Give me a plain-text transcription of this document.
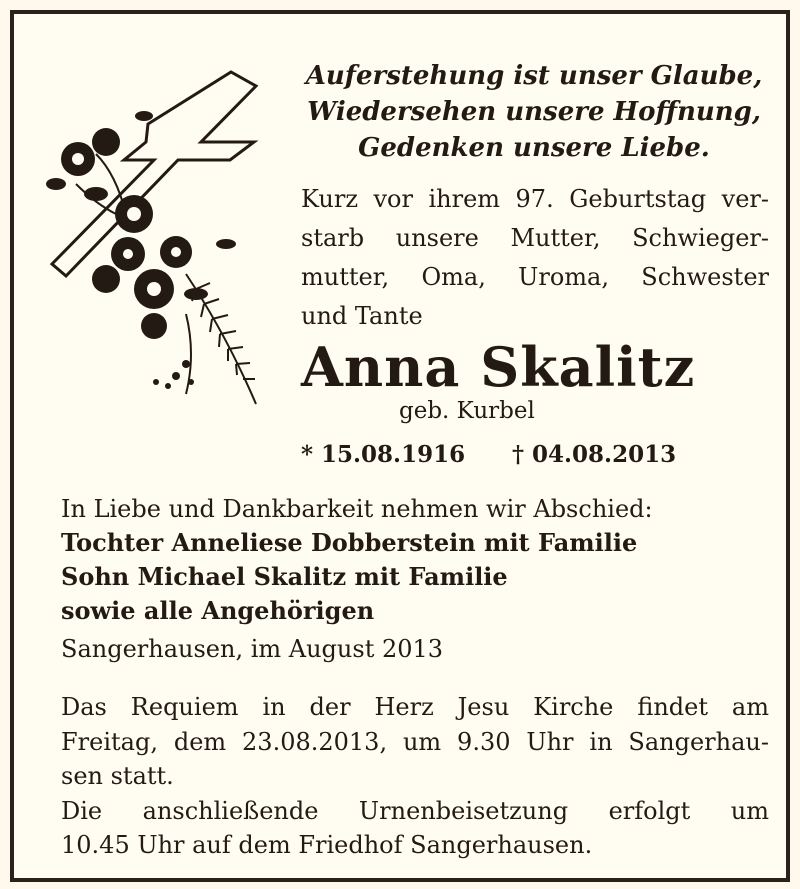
Auferstehung ist unser Glaube,
Wiedersehen unsere Hoffnung,
Gedenken unsere Liebe.
Kurz vor ihrem 97. Geburtstag ver-
starb unsere Mutter, Schwieger-
mutter, Oma, Uroma, Schwester
und Tante
Anna Skalitz
geb. Kurbel
* 15.08.1916 † 04.08.2013
In Liebe und Dankbarkeit nehmen wir Abschied:
Tochter Anneliese Dobberstein mit Familie
Sohn Michael Skalitz mit Familie
sowie alle Angehörigen
Sangerhausen, im August 2013
Das Requiem in der Herz Jesu Kirche findet am
Freitag, dem 23.08.2013, um 9.30 Uhr in Sangerhau-
sen statt.
Die anschließende Urnenbeisetzung erfolgt um
10.45 Uhr auf dem Friedhof Sangerhausen.
